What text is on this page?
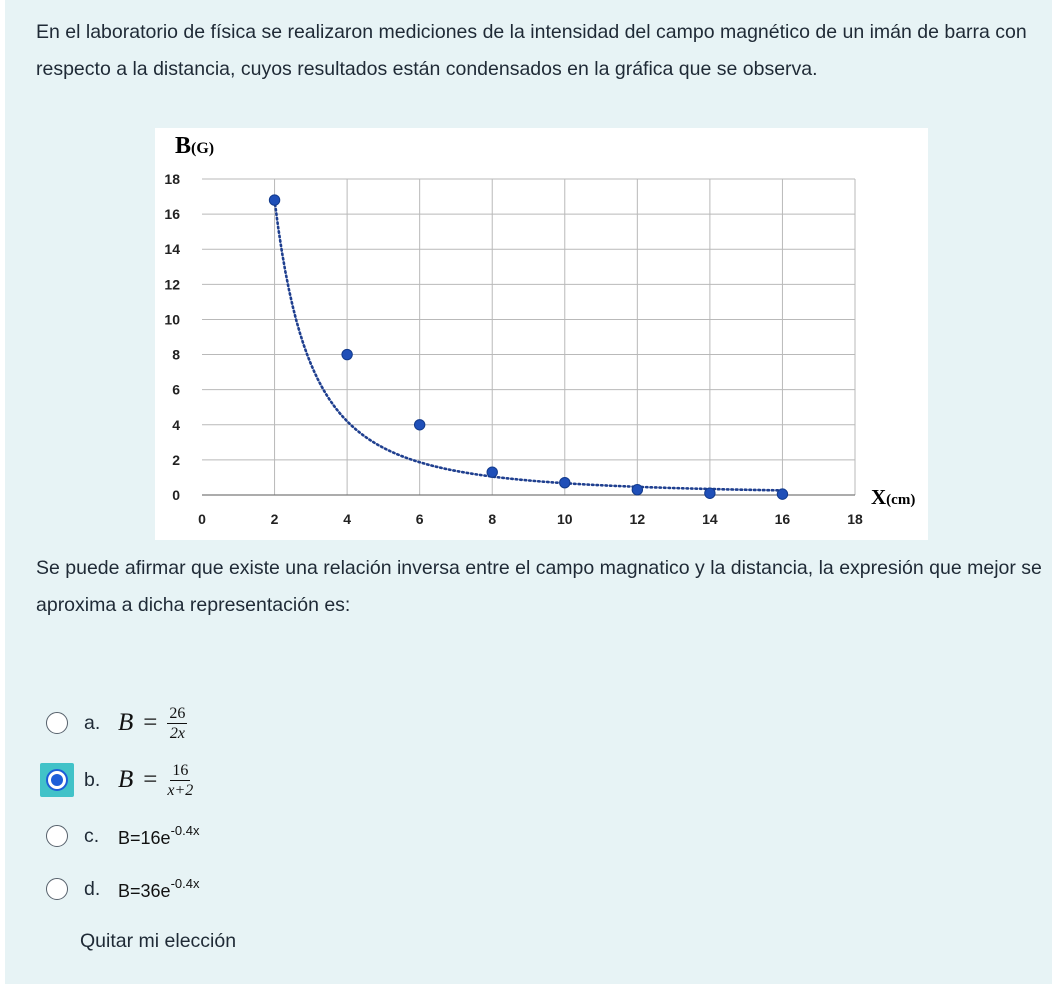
En el laboratorio de física se realizaron mediciones de la intensidad del campo magnético de un imán de barra con respecto a la distancia, cuyos resultados están condensados en la gráfica que se observa.
0
2
4
6
8
10
12
14
16
18
0	2	4	6	8	10	12	14	16	18
B(G)
X(cm)
Se puede afirmar que existe una relación inversa entre el campo magnatico y la distancia, la expresión que mejor se aproxima a dicha representación es:
a. $B = \frac{26}{2x}$
b. $B = \frac{16}{x+2}$
c.	$B=16e^{-0.4x}$
d. $B=36e^{-0.4x}$
Quitar mi elección
